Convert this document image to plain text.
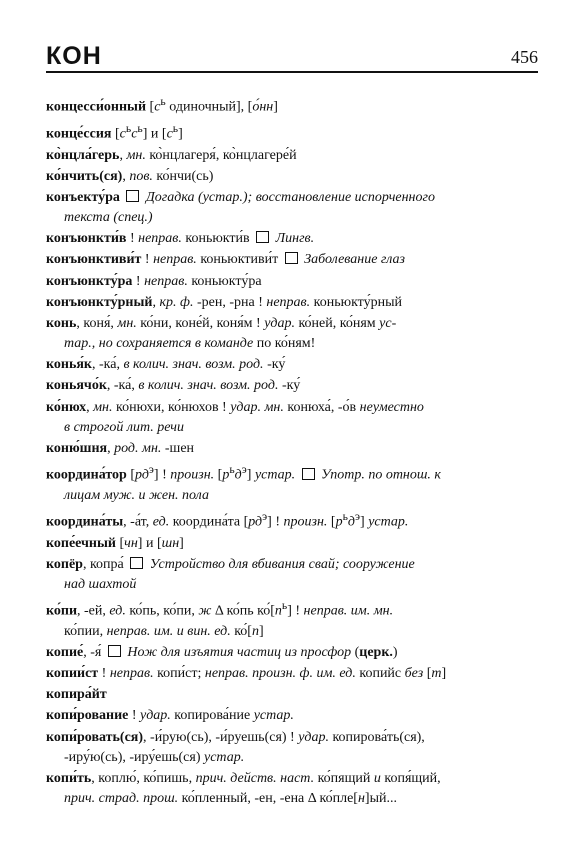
КОН	456
концесси́онный [$c^ь$ одиночный], [о́нн]
конце́ссия $[c^ьc^ь]$ и $[c^ь]$
ко̀нцла́герь, мн. ко̀нцлагеря́, ко̀нцлагере́й
ко́нчить(ся), пов. ко́нчи(сь)
конъекту́ра Догадка (устар.); восстановление испорченного
текста (спец.)
конъюнкти́в ! неправ. коньюкти́в  Лингв.
конъюнктиви́т ! неправ. коньюктиви́т  Заболевание глаз
конъюнкту́ра ! неправ. коньюкту́ра
конъюнкту́рный, кр. ф. -рен, -рна ! неправ. коньюкту́рный
конь, коня́, мн. ко́ни, коне́й, коня́м ! удар. ко́ней, ко́ням ус-
тар., но сохраняется в команде по ко́ням!
конья́к, -ка́, в колич. знач. возм. род. -ку́
коньячо́к, -ка́, в колич. знач. возм. род. -ку́
ко́нюх, мн. ко́нюхи, ко́нюхов ! удар. мн. конюха́, -о́в неуместно
в строгой лит. речи
коню́шня, род. мн. -шен
координа́тор $[рд^э]$ ! произн. $[р^ьд^э]$ устар. Употр. по отнош. к
лицам муж. и жен. пола
координа́ты, -а́т, ед. координа́та $[рд^э]$ ! произн. $[р^ьд^э]$ устар.
копе́ечный [чн] и [шн]
копёр, копра́  Устройство для вбивания свай; сооружение
над шахтой
ко́пи, -ей, ед. ко́пь, ко́пи, ж Δ ко́пь $ко́[п^ь]$ ! неправ. им. мн.
ко́пии, неправ. им. и вин. ед. ко́[п]
копие́, -я́  Нож для изъятия частиц из просфор (церк.)
копии́ст ! неправ. копи́ст; неправ. произн. ф. им. ед. копийс без [т]
копира́йт
копи́рование ! удар. копирова́ние устар.
копи́ровать(ся), -и́рую(сь), -и́руешь(ся) ! удар. копирова́ть(ся),
-иру́ю(сь), -иру́ешь(ся) устар.
копи́ть, коплю́, ко́пишь, прич. действ. наст. ко́пящий и копя́щий,
прич. страд. прош. ко́пленный, -ен, -ена Δ ко́пле[н]ый...
